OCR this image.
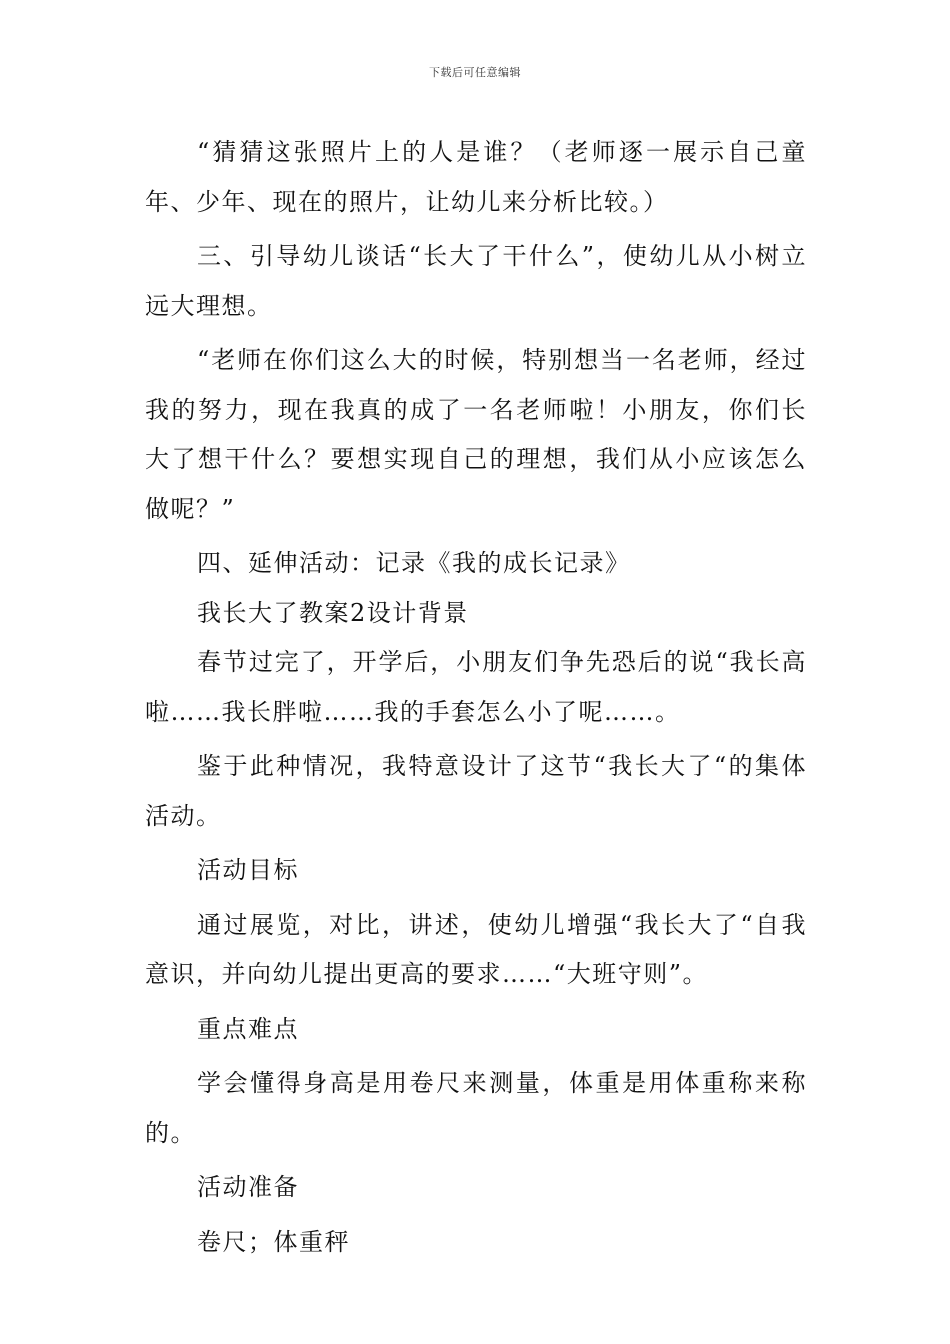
下载后可任意编辑

“猜猜这张照片上的人是谁？（老师逐一展示自己童年、少年、现在的照片，让幼儿来分析比较。）

三、引导幼儿谈话“长大了干什么”，使幼儿从小树立远大理想。

“老师在你们这么大的时候，特别想当一名老师，经过我的努力，现在我真的成了一名老师啦！小朋友，你们长大了想干什么？要想实现自己的理想，我们从小应该怎么做呢？”

四、延伸活动：记录《我的成长记录》

我长大了教案2设计背景

春节过完了，开学后，小朋友们争先恐后的说“我长高啦……我长胖啦……我的手套怎么小了呢……。

鉴于此种情况，我特意设计了这节“我长大了“的集体活动。

活动目标

通过展览，对比，讲述，使幼儿增强“我长大了“自我意识，并向幼儿提出更高的要求……“大班守则”。

重点难点

学会懂得身高是用卷尺来测量，体重是用体重称来称的。

活动准备

卷尺；体重秤
